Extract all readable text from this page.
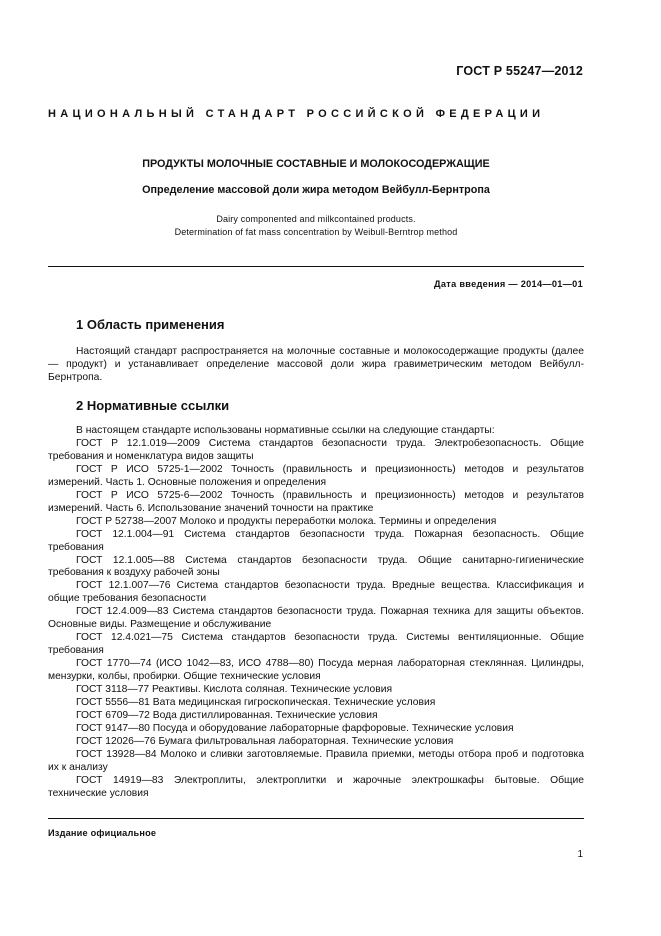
ГОСТ Р 55247—2012
НАЦИОНАЛЬНЫЙ СТАНДАРТ РОССИЙСКОЙ ФЕДЕРАЦИИ
ПРОДУКТЫ МОЛОЧНЫЕ СОСТАВНЫЕ И МОЛОКОСОДЕРЖАЩИЕ
Определение массовой доли жира методом Вейбулл-Бернтропа
Dairy componented and milkcontained products.
Determination of fat mass concentration by Weibull-Berntrop method
Дата введения — 2014—01—01
1 Область применения

Настоящий стандарт распространяется на молочные составные и молокосодержащие продукты (далее — продукт) и устанавливает определение массовой доли жира гравиметрическим методом Вейбулл-Бернтропа.

2 Нормативные ссылки

В настоящем стандарте использованы нормативные ссылки на следующие стандарты:

ГОСТ Р 12.1.019—2009 Система стандартов безопасности труда. Электробезопасность. Общие требования и номенклатура видов защиты

ГОСТ Р ИСО 5725-1—2002 Точность (правильность и прецизионность) методов и результатов измерений. Часть 1. Основные положения и определения

ГОСТ Р ИСО 5725-6—2002 Точность (правильность и прецизионность) методов и результатов измерений. Часть 6. Использование значений точности на практике

ГОСТ Р 52738—2007 Молоко и продукты переработки молока. Термины и определения

ГОСТ 12.1.004—91 Система стандартов безопасности труда. Пожарная безопасность. Общие требования

ГОСТ 12.1.005—88 Система стандартов безопасности труда. Общие санитарно-гигиенические требования к воздуху рабочей зоны

ГОСТ 12.1.007—76 Система стандартов безопасности труда. Вредные вещества. Классификация и общие требования безопасности

ГОСТ 12.4.009—83 Система стандартов безопасности труда. Пожарная техника для защиты объектов. Основные виды. Размещение и обслуживание

ГОСТ 12.4.021—75 Система стандартов безопасности труда. Системы вентиляционные. Общие требования

ГОСТ 1770—74 (ИСО 1042—83, ИСО 4788—80) Посуда мерная лабораторная стеклянная. Цилиндры, мензурки, колбы, пробирки. Общие технические условия

ГОСТ 3118—77 Реактивы. Кислота соляная. Технические условия

ГОСТ 5556—81 Вата медицинская гигроскопическая. Технические условия

ГОСТ 6709—72 Вода дистиллированная. Технические условия

ГОСТ 9147—80 Посуда и оборудование лабораторные фарфоровые. Технические условия

ГОСТ 12026—76 Бумага фильтровальная лабораторная. Технические условия

ГОСТ 13928—84 Молоко и сливки заготовляемые. Правила приемки, методы отбора проб и подготовка их к анализу

ГОСТ 14919—83 Электроплиты, электроплитки и жарочные электрошкафы бытовые. Общие технические условия

Издание официальное
1
